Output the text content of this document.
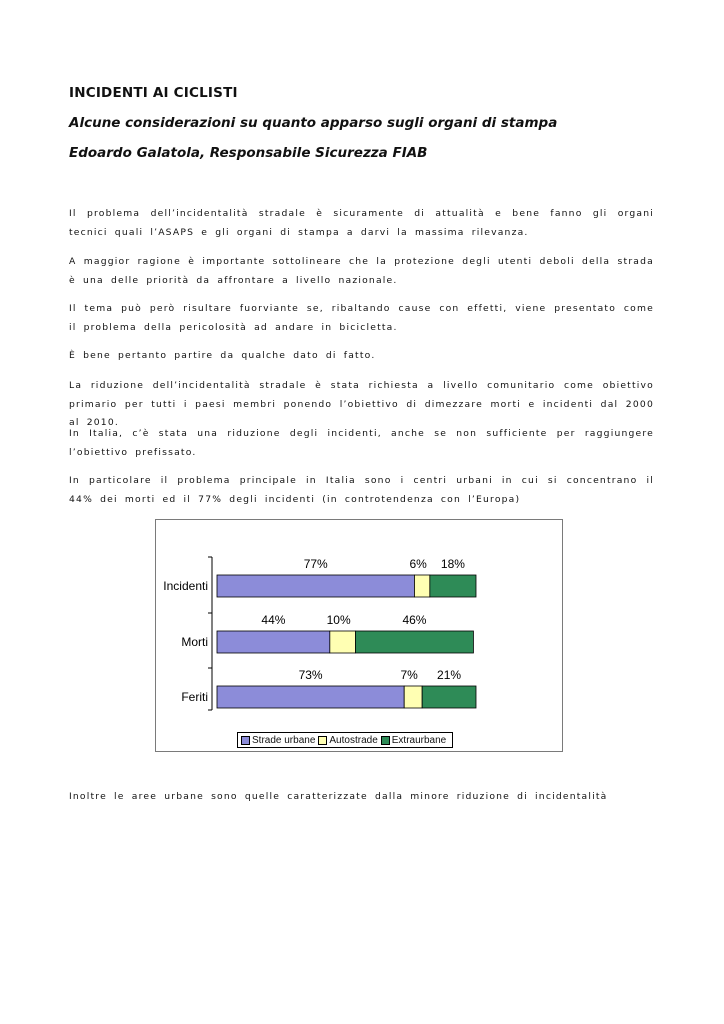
INCIDENTI AI CICLISTI

Alcune considerazioni su quanto apparso sugli organi di stampa

Edoardo Galatola, Responsabile Sicurezza FIAB

Il problema dell’incidentalità stradale è sicuramente di attualità e bene fanno gli organi tecnici quali l’ASAPS e gli organi di stampa a darvi la massima rilevanza.

A maggior ragione è importante sottolineare che la protezione degli utenti deboli della strada è una delle priorità da affrontare a livello nazionale.

Il tema può però risultare fuorviante se, ribaltando cause con effetti, viene presentato come il problema della pericolosità ad andare in bicicletta.

È bene pertanto partire da qualche dato di fatto.

La riduzione dell’incidentalità stradale è stata richiesta a livello comunitario come obiettivo primario per tutti i paesi membri ponendo l’obiettivo di dimezzare morti e incidenti dal 2000 al 2010.

In Italia, c’è stata una riduzione degli incidenti, anche se non sufficiente per raggiungere l’obiettivo prefissato.

In particolare il problema principale in Italia sono i centri urbani in cui si concentrano il 44% dei morti ed il 77% degli incidenti (in controtendenza con l’Europa)

Incidenti
77%	6% 18%
Morti
44%	10%	46%
Feriti
73%	7% 21%
Strade urbane Autostrade Extraurbane

Inoltre le aree urbane sono quelle caratterizzate dalla minore riduzione di incidentalità
